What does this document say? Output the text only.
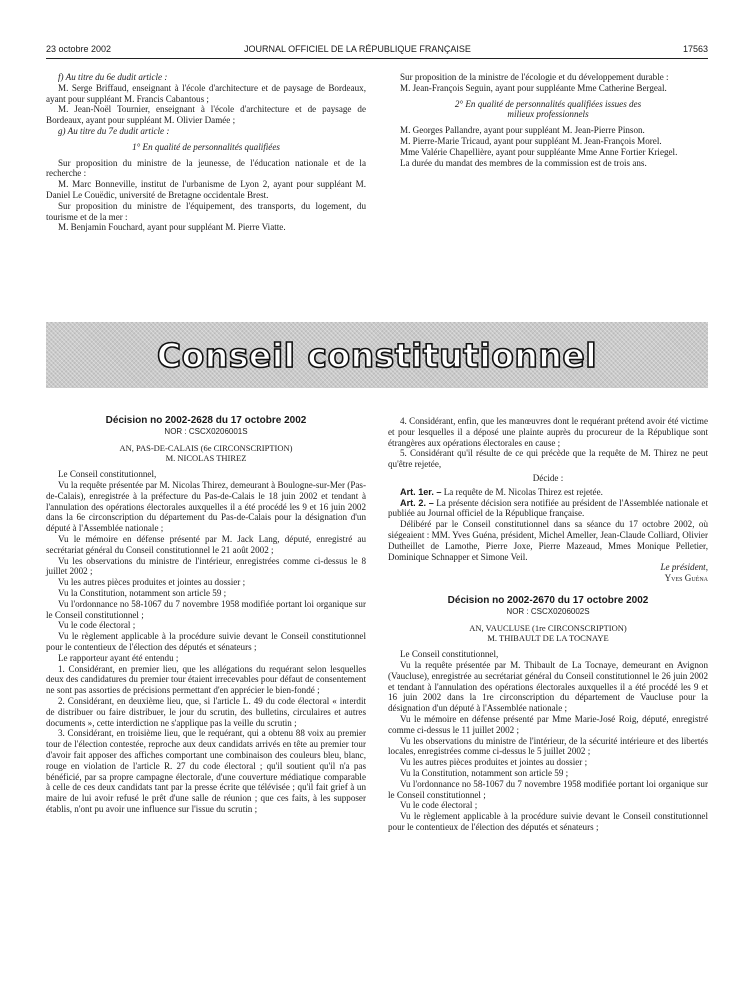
23 octobre 2002	JOURNAL OFFICIEL DE LA RÉPUBLIQUE FRANÇAISE	17563

f) Au titre du 6e dudit article :

M. Serge Briffaud, enseignant à l'école d'architecture et de paysage de Bordeaux, ayant pour suppléant M. Francis Cabantous ;

M. Jean-Noël Tournier, enseignant à l'école d'architecture et de paysage de Bordeaux, ayant pour suppléant M. Olivier Damée ;

g) Au titre du 7e dudit article :

1° En qualité de personnalités qualifiées

Sur proposition du ministre de la jeunesse, de l'éducation nationale et de la recherche :

M. Marc Bonneville, institut de l'urbanisme de Lyon 2, ayant pour suppléant M. Daniel Le Couëdic, université de Bretagne occidentale Brest.

Sur proposition du ministre de l'équipement, des transports, du logement, du tourisme et de la mer :

M. Benjamin Fouchard, ayant pour suppléant M. Pierre Viatte.

Sur proposition de la ministre de l'écologie et du développement durable :

M. Jean-François Seguin, ayant pour suppléante Mme Catherine Bergeal.

2° En qualité de personnalités qualifiées issues des milieux professionnels

M. Georges Pallandre, ayant pour suppléant M. Jean-Pierre Pinson.

M. Pierre-Marie Tricaud, ayant pour suppléant M. Jean-François Morel.

Mme Valérie Chapellière, ayant pour suppléante Mme Anne Fortier Kriegel.

La durée du mandat des membres de la commission est de trois ans.

Conseil constitutionnel

Décision no 2002-2628 du 17 octobre 2002

NOR : CSCX0206001S

AN, PAS-DE-CALAIS (6e CIRCONSCRIPTION)

M. NICOLAS THIREZ

Le Conseil constitutionnel,

Vu la requête présentée par M. Nicolas Thirez, demeurant à Boulogne-sur-Mer (Pas-de-Calais), enregistrée à la préfecture du Pas-de-Calais le 18 juin 2002 et tendant à l'annulation des opérations électorales auxquelles il a été procédé les 9 et 16 juin 2002 dans la 6e circonscription du département du Pas-de-Calais pour la désignation d'un député à l'Assemblée nationale ;

Vu le mémoire en défense présenté par M. Jack Lang, député, enregistré au secrétariat général du Conseil constitutionnel le 21 août 2002 ;

Vu les observations du ministre de l'intérieur, enregistrées comme ci-dessus le 8 juillet 2002 ;

Vu les autres pièces produites et jointes au dossier ;

Vu la Constitution, notamment son article 59 ;

Vu l'ordonnance no 58-1067 du 7 novembre 1958 modifiée portant loi organique sur le Conseil constitutionnel ;

Vu le code électoral ;

Vu le règlement applicable à la procédure suivie devant le Conseil constitutionnel pour le contentieux de l'élection des députés et sénateurs ;

Le rapporteur ayant été entendu ;

1. Considérant, en premier lieu, que les allégations du requérant selon lesquelles deux des candidatures du premier tour étaient irrecevables pour défaut de consentement ne sont pas assorties de précisions permettant d'en apprécier le bien-fondé ;

2. Considérant, en deuxième lieu, que, si l'article L. 49 du code électoral « interdit de distribuer ou faire distribuer, le jour du scrutin, des bulletins, circulaires et autres documents », cette interdiction ne s'applique pas la veille du scrutin ;

3. Considérant, en troisième lieu, que le requérant, qui a obtenu 88 voix au premier tour de l'élection contestée, reproche aux deux candidats arrivés en tête au premier tour d'avoir fait apposer des affiches comportant une combinaison des couleurs bleu, blanc, rouge en violation de l'article R. 27 du code électoral ; qu'il soutient qu'il n'a pas bénéficié, par sa propre campagne électorale, d'une couverture médiatique comparable à celle de ces deux candidats tant par la presse écrite que télévisée ; qu'il fait grief à un maire de lui avoir refusé le prêt d'une salle de réunion ; que ces faits, à les supposer établis, n'ont pu avoir une influence sur l'issue du scrutin ;

4. Considérant, enfin, que les manœuvres dont le requérant prétend avoir été victime et pour lesquelles il a déposé une plainte auprès du procureur de la République sont étrangères aux opérations électorales en cause ;

5. Considérant qu'il résulte de ce qui précède que la requête de M. Thirez ne peut qu'être rejetée,

Décide :

Art. 1er. – La requête de M. Nicolas Thirez est rejetée.

Art. 2. – La présente décision sera notifiée au président de l'Assemblée nationale et publiée au Journal officiel de la République française.

Délibéré par le Conseil constitutionnel dans sa séance du 17 octobre 2002, où siégeaient : MM. Yves Guéna, président, Michel Ameller, Jean-Claude Colliard, Olivier Dutheillet de Lamothe, Pierre Joxe, Pierre Mazeaud, Mmes Monique Pelletier, Dominique Schnapper et Simone Veil.

Le président,

Yves Guéna

Décision no 2002-2670 du 17 octobre 2002

NOR : CSCX0206002S

AN, VAUCLUSE (1re CIRCONSCRIPTION)

M. THIBAULT DE LA TOCNAYE

Le Conseil constitutionnel,

Vu la requête présentée par M. Thibault de La Tocnaye, demeurant en Avignon (Vaucluse), enregistrée au secrétariat général du Conseil constitutionnel le 26 juin 2002 et tendant à l'annulation des opérations électorales auxquelles il a été procédé les 9 et 16 juin 2002 dans la 1re circonscription du département de Vaucluse pour la désignation d'un député à l'Assemblée nationale ;

Vu le mémoire en défense présenté par Mme Marie-José Roig, député, enregistré comme ci-dessus le 11 juillet 2002 ;

Vu les observations du ministre de l'intérieur, de la sécurité intérieure et des libertés locales, enregistrées comme ci-dessus le 5 juillet 2002 ;

Vu les autres pièces produites et jointes au dossier ;

Vu la Constitution, notamment son article 59 ;

Vu l'ordonnance no 58-1067 du 7 novembre 1958 modifiée portant loi organique sur le Conseil constitutionnel ;

Vu le code électoral ;

Vu le règlement applicable à la procédure suivie devant le Conseil constitutionnel pour le contentieux de l'élection des députés et sénateurs ;
